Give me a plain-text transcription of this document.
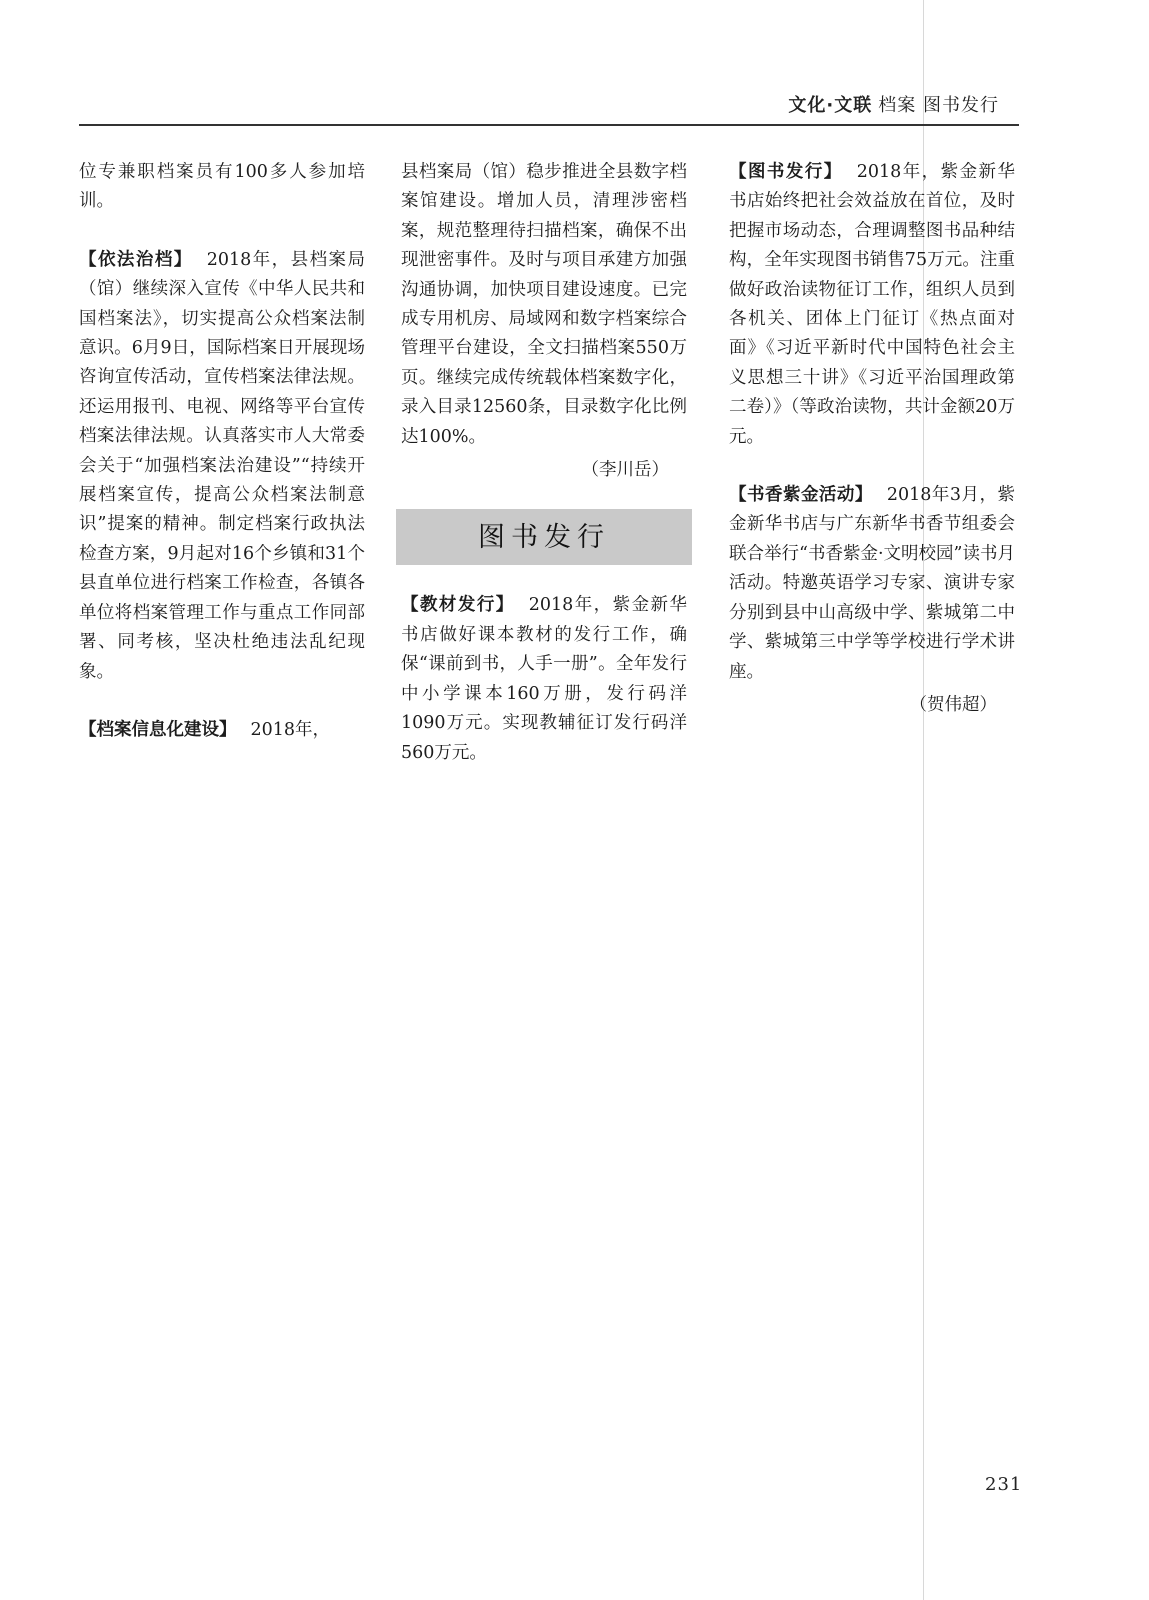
文化·文联 档案 图书发行

位专兼职档案员有100多人参加培训。

【依法治档】 2018年，县档案局（馆）继续深入宣传《中华人民共和国档案法》，切实提高公众档案法制意识。6月9日，国际档案日开展现场咨询宣传活动，宣传档案法律法规。还运用报刊、电视、网络等平台宣传档案法律法规。认真落实市人大常委会关于“加强档案法治建设”“持续开展档案宣传，提高公众档案法制意识”提案的精神。制定档案行政执法检查方案，9月起对16个乡镇和31个县直单位进行档案工作检查，各镇各单位将档案管理工作与重点工作同部署、同考核，坚决杜绝违法乱纪现象。

【档案信息化建设】 2018年，

县档案局（馆）稳步推进全县数字档案馆建设。增加人员，清理涉密档案，规范整理待扫描档案，确保不出现泄密事件。及时与项目承建方加强沟通协调，加快项目建设速度。已完成专用机房、局域网和数字档案综合管理平台建设，全文扫描档案550万页。继续完成传统载体档案数字化，录入目录12560条，目录数字化比例达100%。
（李川岳）

图书发行

【教材发行】 2018年，紫金新华书店做好课本教材的发行工作，确保“课前到书，人手一册”。全年发行中小学课本160万册，发行码洋1090万元。实现教辅征订发行码洋560万元。

【图书发行】 2018年，紫金新华书店始终把社会效益放在首位，及时把握市场动态，合理调整图书品种结构，全年实现图书销售75万元。注重做好政治读物征订工作，组织人员到各机关、团体上门征订《热点面对面》《习近平新时代中国特色社会主义思想三十讲》《习近平治国理政第二卷）》（等政治读物，共计金额20万元。

【书香紫金活动】 2018年3月，紫金新华书店与广东新华书香节组委会联合举行“书香紫金·文明校园”读书月活动。特邀英语学习专家、演讲专家分别到县中山高级中学、紫城第二中学、紫城第三中学等学校进行学术讲座。
（贺伟超）

231
